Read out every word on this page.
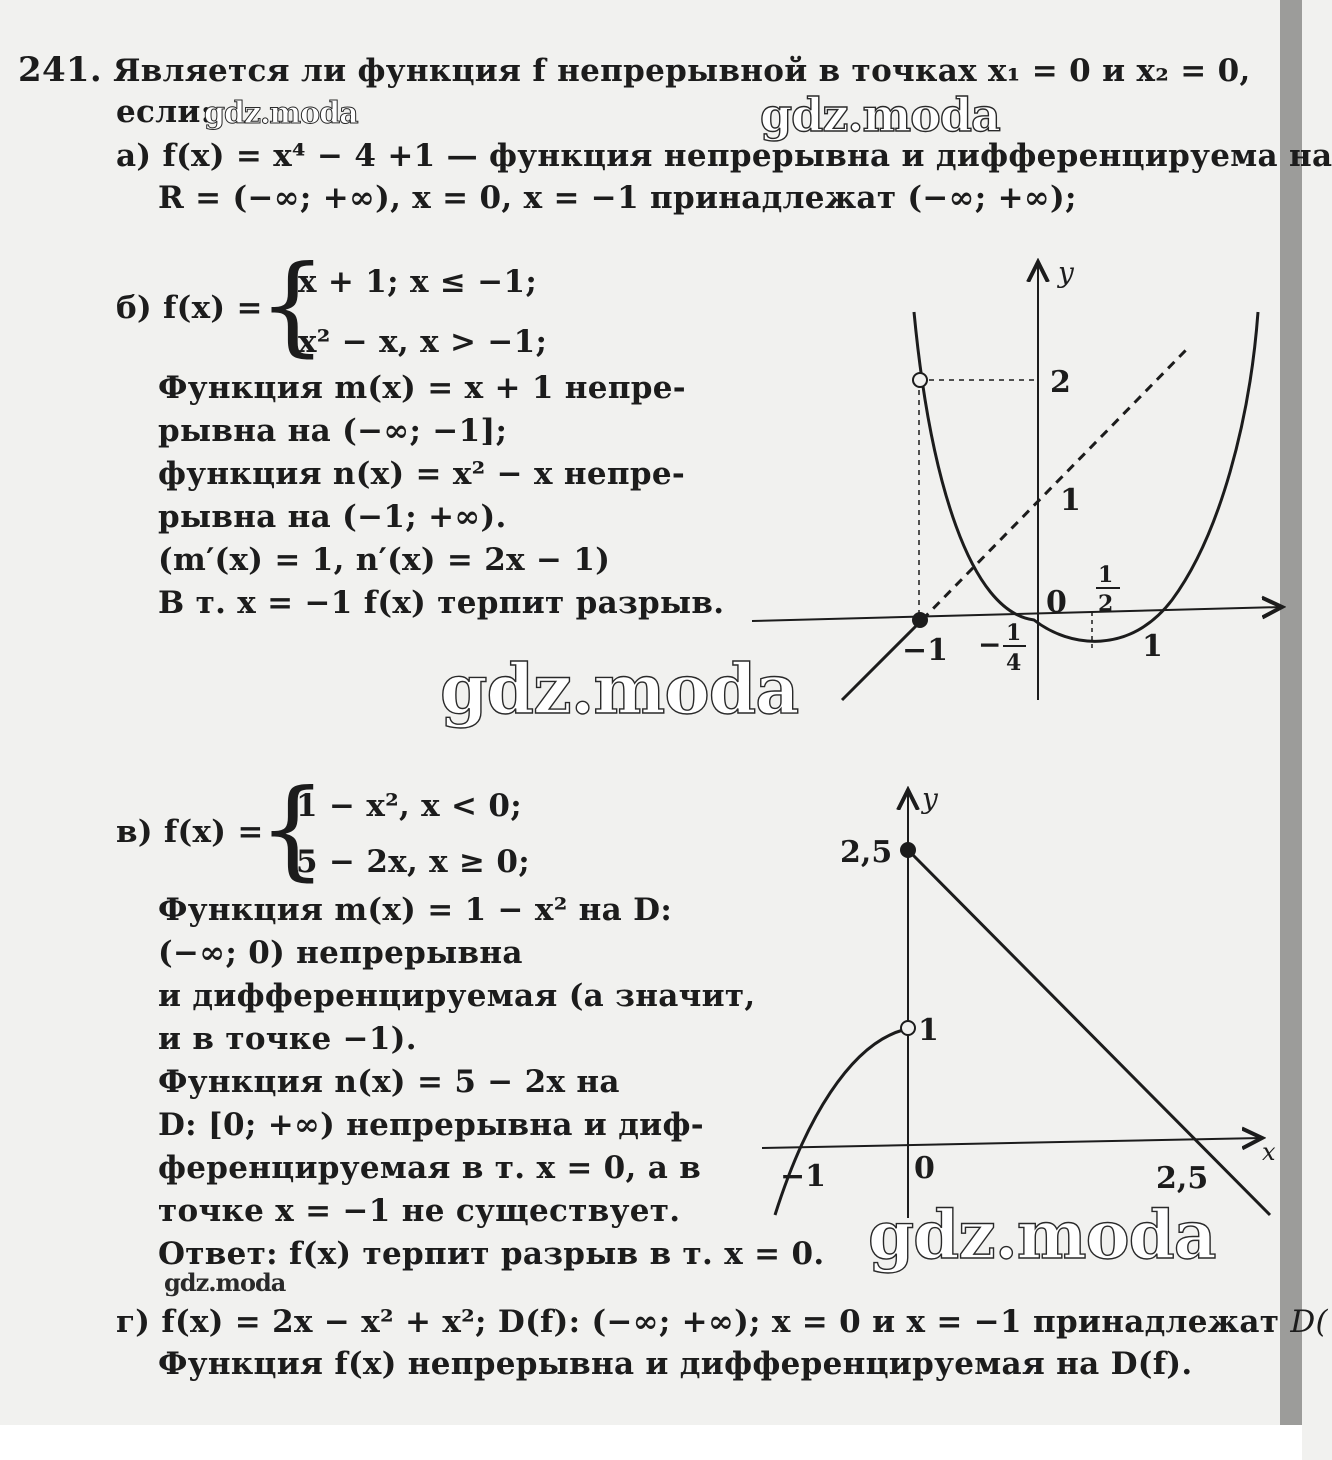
241. Является ли функция f непрерывной в точках x₁ = 0 и x₂ = 0,
если:
а) f(x) = x⁴ − 4 +1 — функция непрерывна и дифференцируема на
R = (−∞; +∞), x = 0, x = −1 принадлежат (−∞; +∞);
б) f(x) =
{
x + 1; x ≤ −1;
x² − x, x > −1;
Функция m(x) = x + 1 непре-
рывна на (−∞; −1];
функция n(x) = x² − x непре-
рывна на (−1; +∞).
(m′(x) = 1, n′(x) = 2x − 1)
В т. x = −1 f(x) терпит разрыв.
y
2
1
0
1
2
−1 − 1
4	1
в) f(x) =
{
1 − x², x < 0;
5 − 2x, x ≥ 0;
Функция m(x) = 1 − x² на D:
(−∞; 0) непрерывна
и дифференцируемая (а значит,
и в точке −1).
Функция n(x) = 5 − 2x на
D: [0; +∞) непрерывна и диф-
ференцируемая в т. x = 0, а в
точке x = −1 не существует.
Ответ: f(x) терпит разрыв в т. x = 0.
y
x
2,5
1
−1	0	2,5
г) f(x) = 2x − x² + x²; D(f): (−∞; +∞); x = 0 и x = −1 принадлежат D(
Функция f(x) непрерывна и дифференцируемая на D(f).
gdz.moda	gdz.moda
gdz.moda
gdz.moda
gdz.moda
